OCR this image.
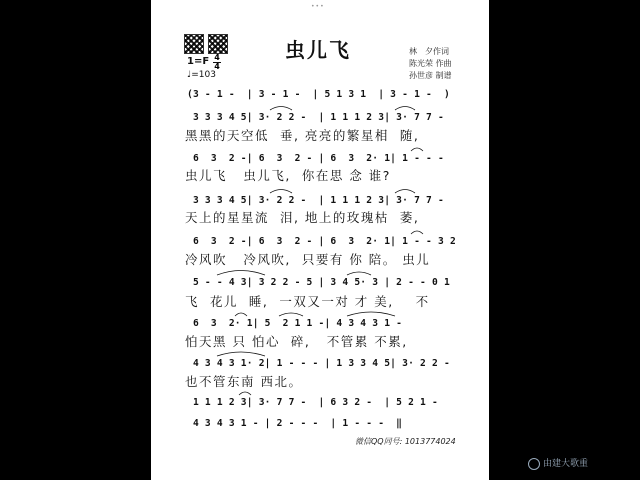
•••
虫儿飞
1=F 4
4
♩=103
林　夕作词
陈光荣 作曲
孙世彦 制谱
(3 - 1 -  | 3 - 1 -  | 5 1 3 1  | 3 - 1 -  )
3 3 3 4 5| 3· 2 2 -  | 1 1 1 2 3| 3· 7 7 -
黑黑的天空低  垂, 亮亮的繁星相  随,
6  3  2 -| 6  3  2 - | 6  3  2· 1| 1 - - -
虫儿飞   虫儿飞,  你在思 念 谁?
3 3 3 4 5| 3· 2 2 -  | 1 1 1 2 3| 3· 7 7 -
天上的星星流  泪, 地上的玫瑰枯  萎,
6  3  2 -| 6  3  2 - | 6  3  2· 1| 1 - - 3 2
冷风吹   冷风吹,  只要有 你 陪。 虫儿
5 - - 4 3| 3 2 2 - 5 | 3 4 5· 3 | 2 - - 0 1
飞  花儿  睡,  一双又一对 才 美,    不
6  3  2· 1| 5  2 1 1 -| 4 3 4 3 1 -
怕天黑 只 怕心  碎,   不管累 不累,
4 3 4 3 1· 2| 1 - - - | 1 3 3 4 5| 3· 2 2 -
也不管东南 西北。
1 1 1 2 3| 3· 7 7 -  | 6 3 2 -  | 5 2 1 -
4 3 4 3 1 - | 2 - - -  | 1 - - -  ‖
微信QQ同号: 1013774024
由建大歌重
